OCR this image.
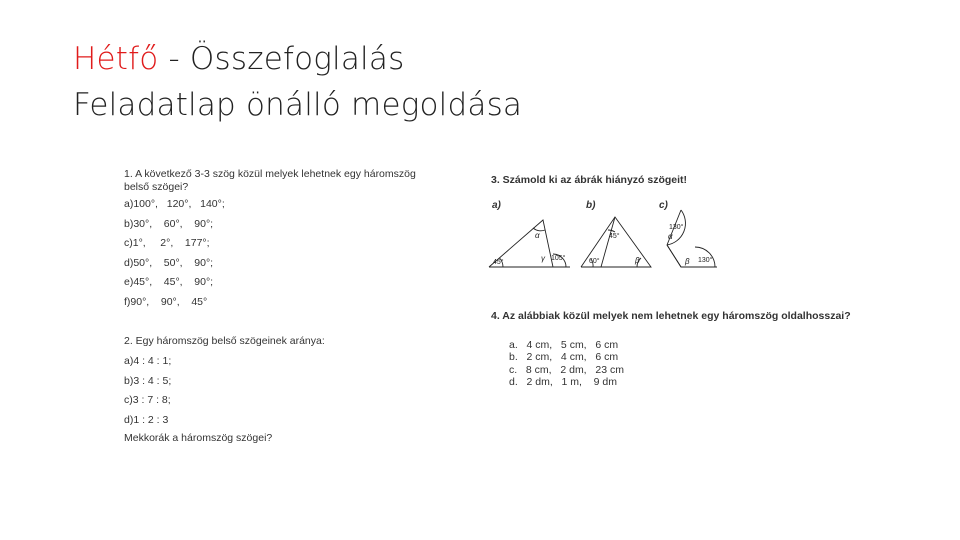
Hétfő - Összefoglalás
Feladatlap önálló megoldása
1. A következő 3-3 szög közül melyek lehetnek egy háromszög belső szögei?
a)100°,   120°,   140°;
b)30°,    60°,    90°;
c)1°,     2°,    177°;
d)50°,    50°,    90°;
e)45°,    45°,    90°;
f)90°,    90°,    45°
2. Egy háromszög belső szögeinek aránya:
a)4 : 4 : 1;
b)3 : 4 : 5;
c)3 : 7 : 8;
d)1 : 2 : 3
Mekkorák a háromszög szögei?
3. Számold ki az ábrák hiányzó szögeit!
a)	b)	c)
45°
105°
α
γ
45°
60°	β
130°
130°
α
β
4. Az alábbiak közül melyek nem lehetnek egy háromszög oldalhosszai?
a.   4 cm,   5 cm,   6 cm
b.   2 cm,   4 cm,   6 cm
c.   8 cm,   2 dm,   23 cm
d.   2 dm,   1 m,    9 dm
